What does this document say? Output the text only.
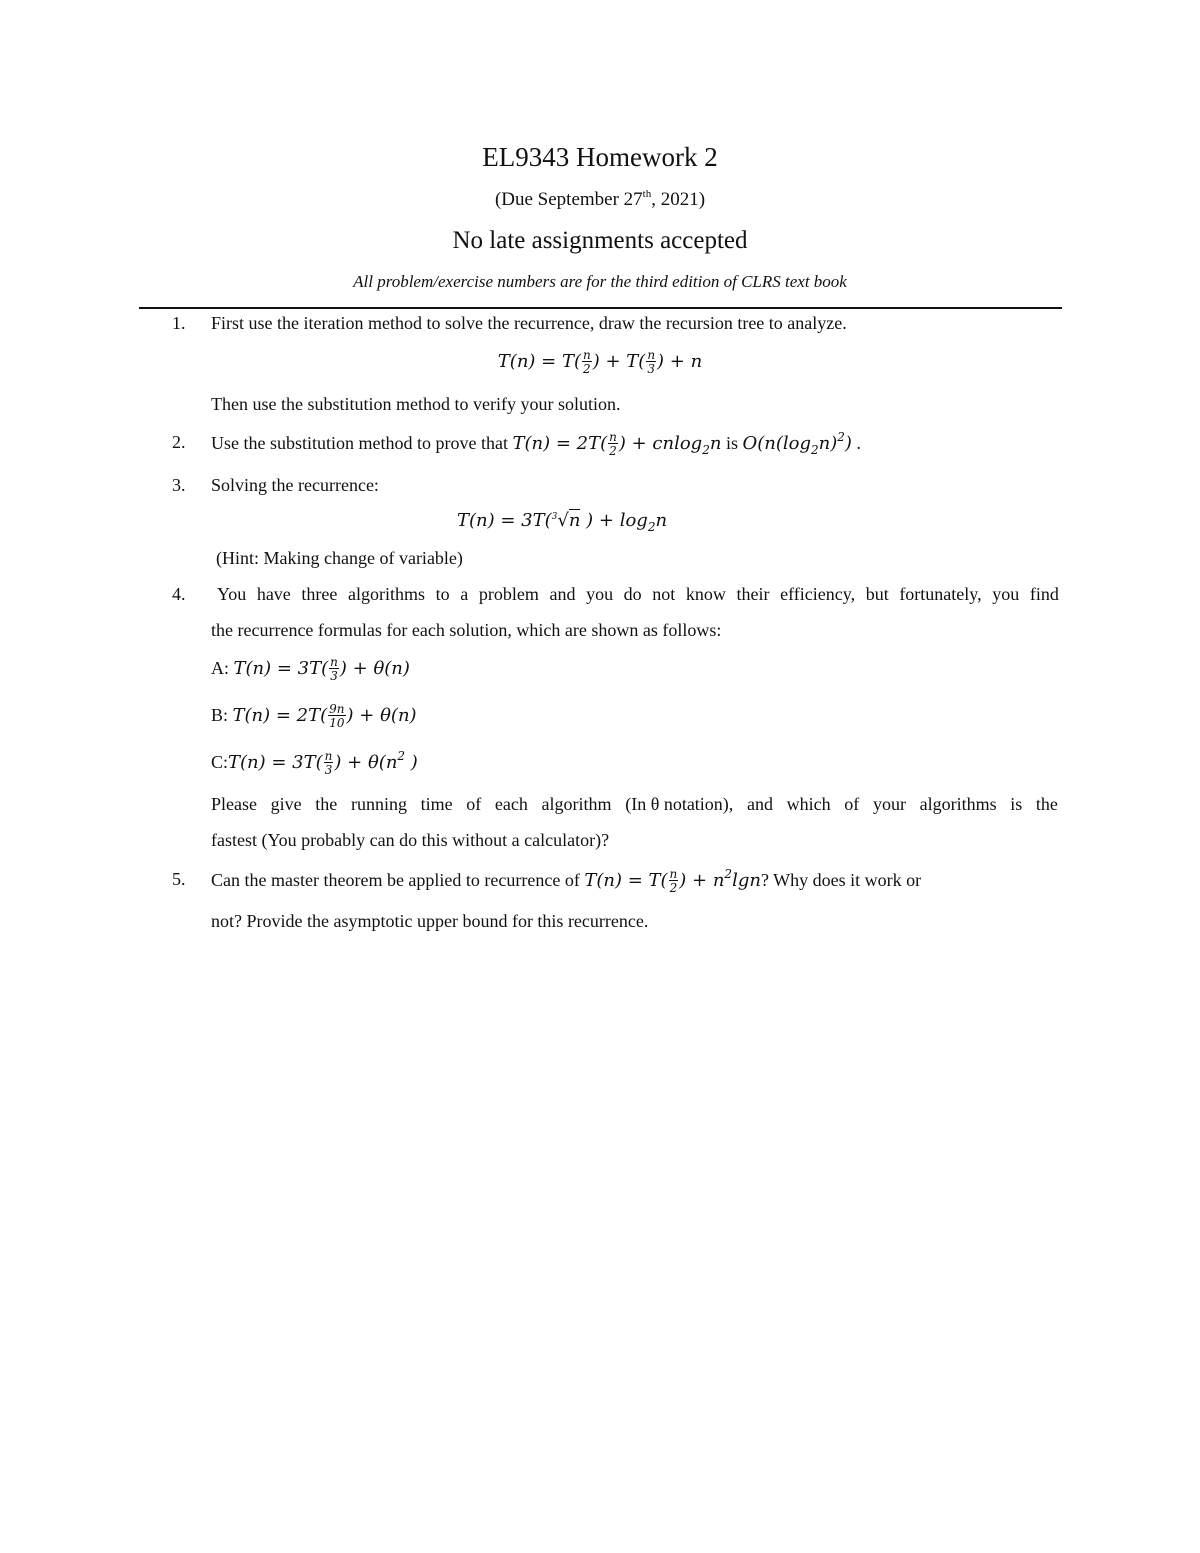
EL9343 Homework 2
(Due September 27th, 2021)
No late assignments accepted
All problem/exercise numbers are for the third edition of CLRS text book
1. First use the iteration method to solve the recurrence, draw the recursion tree to analyze.
$T(n) = T( \frac{n}{2}$ ) + $T( \frac{n}{3}$ ) + n
Then use the substitution method to verify your solution.
2. Use the substitution method to prove that $T(n) = 2T( \frac{n}{2}$ ) + cnlog$_2$n is $O(n(\log_2n)^2)$ .
3. Solving the recurrence:
T(n) = 3T($^3$√n ) + $\log_2n$
(Hint: Making change of variable)
4. You have three algorithms to a problem and you do not know their efficiency, but fortunately, you find
the recurrence formulas for each solution, which are shown as follows:
A: $T(n) = 3T( \frac{n}{3}$ ) + θ(n)
B: $T(n) = 2T( \frac{9n}{10}$ ) + θ(n)
C:T(n) = $3T( \frac{n}{3}$ ) + $\theta(n^2$ )
Please give the running time of each algorithm (In θ notation), and which of your algorithms is the
fastest (You probably can do this without a calculator)?
5. Can the master theorem be applied to recurrence of $T(n) = T( \frac{n}{2}$ ) + $n^2\lg n$? Why does it work or
not? Provide the asymptotic upper bound for this recurrence.
